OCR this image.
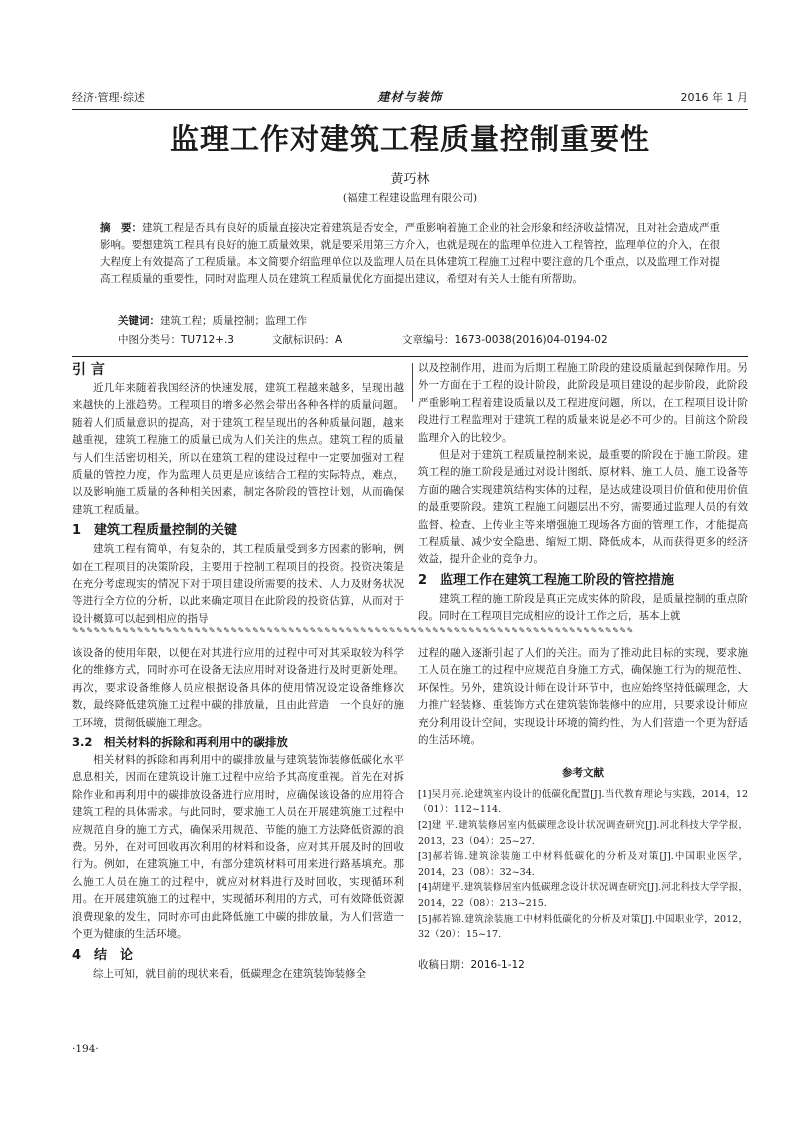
经济·管理·综述	建材与装饰	2016 年 1 月
监理工作对建筑工程质量控制重要性
黄巧林
(福建工程建设监理有限公司)
摘　要：建筑工程是否具有良好的质量直接决定着建筑是否安全，严重影响着施工企业的社会形象和经济收益情况，且对社会造成严重影响。要想建筑工程具有良好的施工质量效果，就是要采用第三方介入，也就是现在的监理单位进入工程管控，监理单位的介入，在很大程度上有效提高了工程质量。本文简要介绍监理单位以及监理人员在具体建筑工程施工过程中要注意的几个重点，以及监理工作对提高工程质量的重要性，同时对监理人员在建筑工程质量优化方面提出建议，希望对有关人士能有所帮助。
关键词：建筑工程；质量控制；监理工作
中图分类号：TU712+.3	文献标识码：A	文章编号：1673-0038(2016)04-0194-02
引 言

近几年来随着我国经济的快速发展，建筑工程越来越多，呈现出越来越快的上涨趋势。工程项目的增多必然会带出各种各样的质量问题。随着人们质量意识的提高，对于建筑工程呈现出的各种质量问题，越来越重视，建筑工程施工的质量已成为人们关注的焦点。建筑工程的质量与人们生活密切相关，所以在建筑工程的建设过程中一定要加强对工程质量的管控力度，作为监理人员更是应该结合工程的实际特点，难点，以及影响施工质量的各种相关因素，制定各阶段的管控计划，从而确保建筑工程质量。

1　建筑工程质量控制的关键

建筑工程有简单，有复杂的，其工程质量受到多方因素的影响，例如在工程项目的决策阶段，主要用于控制工程项目的投资。投资决策是在充分考虑现实的情况下对于项目建设所需要的技术、人力及财务状况等进行全方位的分析，以此来确定项目在此阶段的投资估算，从而对于设计概算可以起到相应的指导

以及控制作用，进而为后期工程施工阶段的建设质量起到保障作用。另外一方面在于工程的设计阶段，此阶段是项目建设的起步阶段，此阶段严重影响工程着建设质量以及工程进度问题，所以，在工程项目设计阶段进行工程监理对于建筑工程的质量来说是必不可少的。目前这个阶段监理介入的比较少。

但是对于建筑工程质量控制来说，最重要的阶段在于施工阶段。建筑工程的施工阶段是通过对设计图纸、原材料、施工人员、施工设备等方面的融合实现建筑结构实体的过程，是达成建设项目价值和使用价值的最重要阶段。建筑工程施工问题层出不穷，需要通过监理人员的有效监督、检查、上传业主等来增强施工现场各方面的管理工作，才能提高工程质量、减少安全隐患、缩短工期、降低成本，从而获得更多的经济效益，提升企业的竞争力。

2　监理工作在建筑工程施工阶段的管控措施

建筑工程的施工阶段是真正完成实体的阶段，是质量控制的重点阶段。同时在工程项目完成相应的设计工作之后，基本上就

✎✎✎✎✎✎✎✎✎✎✎✎✎✎✎✎✎✎✎✎✎✎✎✎✎✎✎✎✎✎✎✎✎✎✎✎✎✎✎✎✎✎✎✎✎✎✎✎✎✎✎✎✎✎✎✎✎✎✎✎✎✎✎✎✎✎✎✎✎✎✎✎✎✎✎✎✎✎

该设备的使用年限，以便在对其进行应用的过程中可对其采取较为科学化的维修方式，同时亦可在设备无法应用时对设备进行及时更新处理。再次，要求设备维修人员应根据设备具体的使用情况设定设备维修次数，最终降低建筑施工过程中碳的排放量，且由此营造　一个良好的施工环境，贯彻低碳施工理念。

3.2　相关材料的拆除和再利用中的碳排放

相关材料的拆除和再利用中的碳排放量与建筑装饰装修低碳化水平息息相关，因而在建筑设计施工过程中应给予其高度重视。首先在对拆除作业和再利用中的碳排放设备进行应用时，应确保该设备的应用符合建筑工程的具体需求。与此同时，要求施工人员在开展建筑施工过程中应规范自身的施工方式，确保采用规范、节能的施工方法降低资源的浪费。另外，在对可回收再次利用的材料和设备，应对其开展及时的回收行为。例如，在建筑施工中，有部分建筑材料可用来进行路基填充。那么施工人员在施工的过程中，就应对材料进行及时回收，实现循环利用。在开展建筑施工的过程中，实现循环利用的方式，可有效降低资源浪费现象的发生，同时亦可由此降低施工中碳的排放量，为人们营造一个更为健康的生活环境。

4　结　论

综上可知，就目前的现状来看，低碳理念在建筑装饰装修全

过程的融入逐渐引起了人们的关注。而为了推动此目标的实现，要求施工人员在施工的过程中应规范自身施工方式，确保施工行为的规范性、环保性。另外，建筑设计师在设计环节中，也应始终坚持低碳理念，大力推广轻装修、重装饰方式在建筑装饰装修中的应用，只要求设计师应充分利用设计空间，实现设计环境的简约性，为人们营造一个更为舒适的生活环境。

参考文献
[1]吴月亮.论建筑室内设计的低碳化配置[J].当代教育理论与实践，2014，12（01）：112~114.
[2]建 平.建筑装修居室内低碳理念设计状况调查研究[J].河北科技大学学报，2013，23（04）：25~27.
[3]郝若锦.建筑涂装施工中材料低碳化的分析及对策[J].中国职业医学，2014，23（08）：32~34.
[4]胡建平.建筑装修居室内低碳理念设计状况调查研究[J].河北科技大学学报，2014，22（08）：213~215.
[5]郝若锦.建筑涂装施工中材料低碳化的分析及对策[J].中国职业学，2012，32（20）：15~17.
收稿日期：2016-1-12
·194·
